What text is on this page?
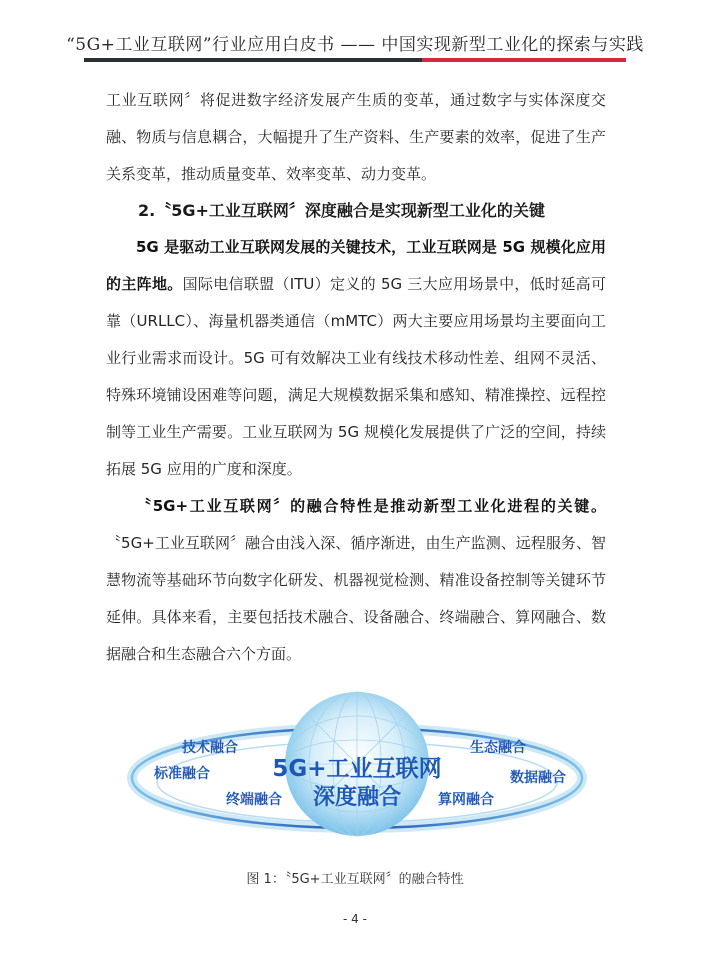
“5G+工业互联网”行业应用白皮书 —— 中国实现新型工业化的探索与实践

工业互联网〞将促进数字经济发展产生质的变革，通过数字与实体深度交融、物质与信息耦合，大幅提升了生产资料、生产要素的效率，促进了生产关系变革，推动质量变革、效率变革、动力变革。

2.〝5G+工业互联网〞深度融合是实现新型工业化的关键

5G 是驱动工业互联网发展的关键技术，工业互联网是 5G 规模化应用的主阵地。国际电信联盟（ITU）定义的 5G 三大应用场景中，低时延高可靠（URLLC）、海量机器类通信（mMTC）两大主要应用场景均主要面向工业行业需求而设计。5G 可有效解决工业有线技术移动性差、组网不灵活、特殊环境铺设困难等问题，满足大规模数据采集和感知、精准操控、远程控制等工业生产需要。工业互联网为 5G 规模化发展提供了广泛的空间，持续拓展 5G 应用的广度和深度。

〝5G+工业互联网〞的融合特性是推动新型工业化进程的关键。〝5G+工业互联网〞融合由浅入深、循序渐进，由生产监测、远程服务、智慧物流等基础环节向数字化研发、机器视觉检测、精准设备控制等关键环节延伸。具体来看，主要包括技术融合、设备融合、终端融合、算网融合、数据融合和生态融合六个方面。

5G+工业互联网
深度融合
技术融合
标准融合
终端融合
生态融合
数据融合
算网融合
图 1：〝5G+工业互联网〞的融合特性
- 4 -
